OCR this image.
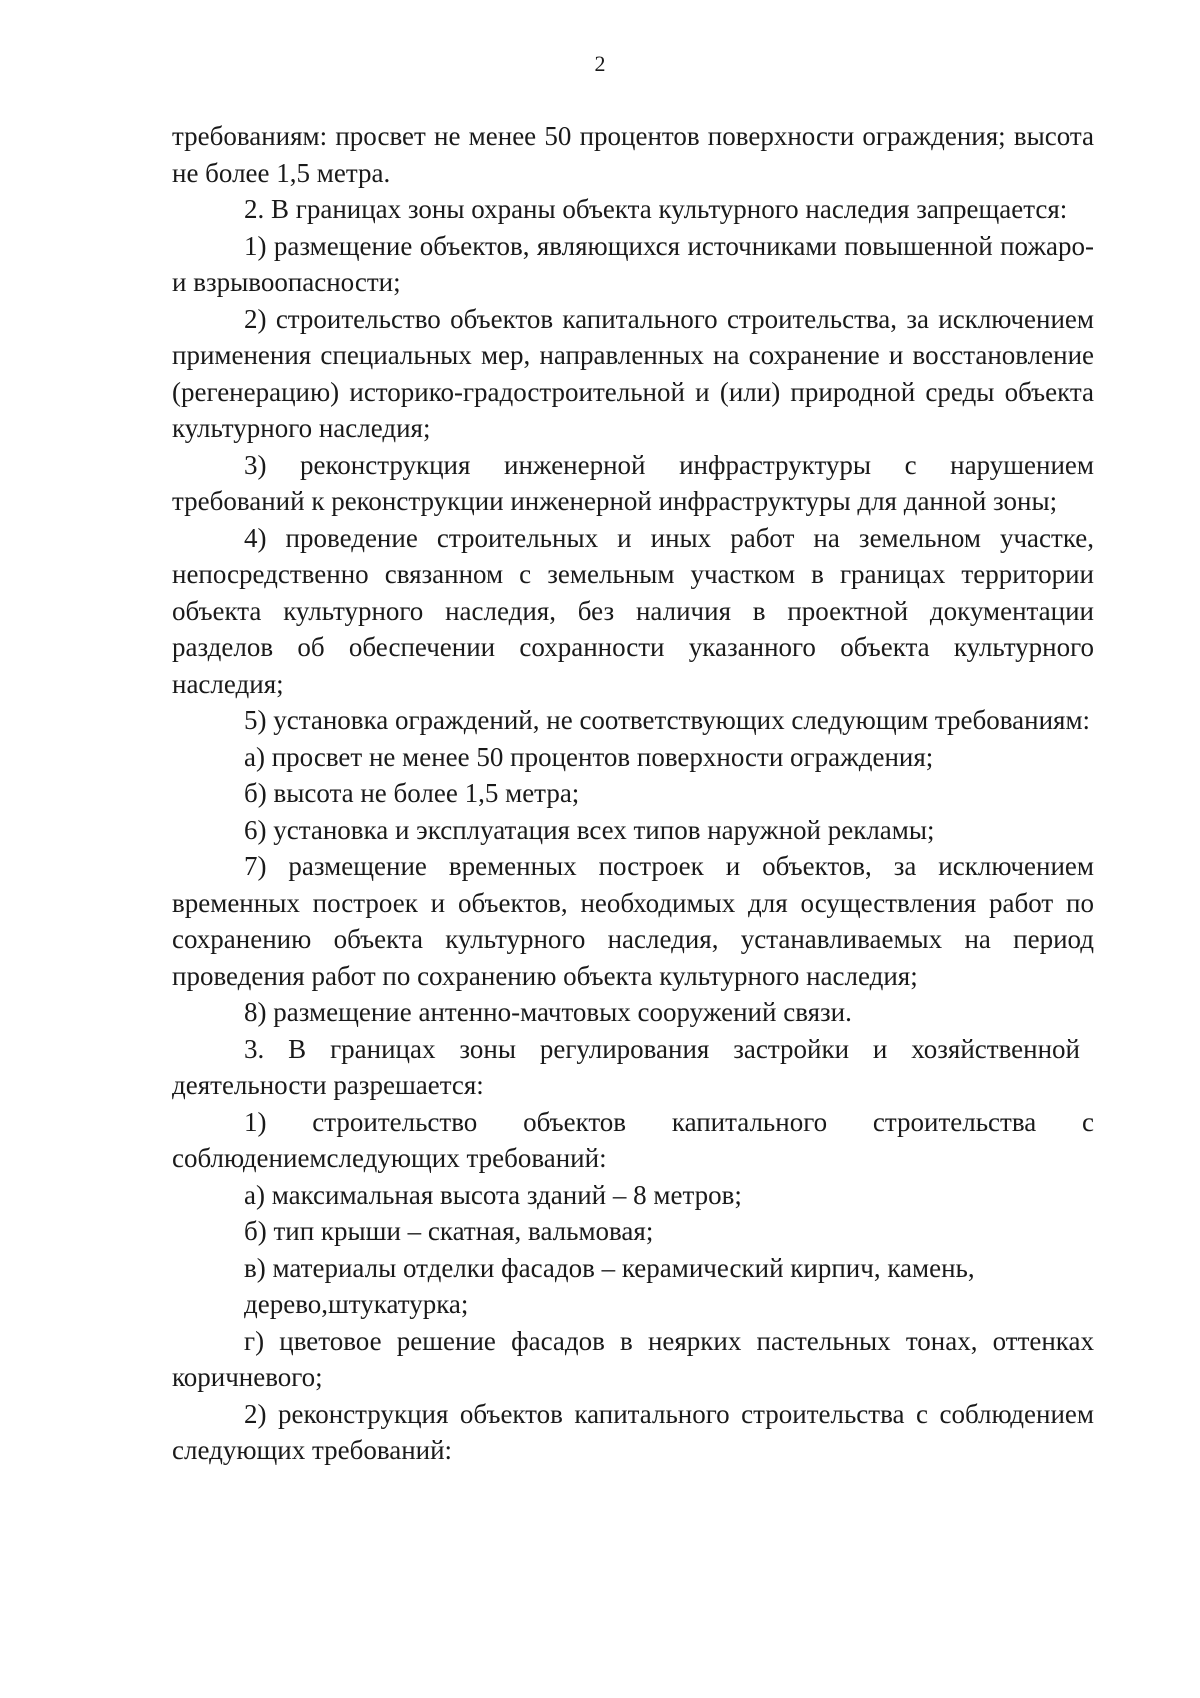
2

требованиям: просвет не менее 50 процентов поверхности ограждения; высота не более 1,5 метра.

2. В границах зоны охраны объекта культурного наследия запрещается:

1) размещение объектов, являющихся источниками повышенной пожаро-и взрывоопасности;

2) строительство объектов капитального строительства, за исключением применения специальных мер, направленных на сохранение и восстановление (регенерацию) историко-градостроительной и (или) природной среды объекта культурного наследия;

3) реконструкция инженерной инфраструктуры с нарушением требований к реконструкции инженерной инфраструктуры для данной зоны;

4) проведение строительных и иных работ на земельном участке, непосредственно связанном с земельным участком в границах территории объекта культурного наследия, без наличия в проектной документации разделов об обеспечении сохранности указанного объекта культурного наследия;

5) установка ограждений, не соответствующих следующим требованиям:

а) просвет не менее 50 процентов поверхности ограждения;

б) высота не более 1,5 метра;

6) установка и эксплуатация всех типов наружной рекламы;

7) размещение временных построек и объектов, за исключением временных построек и объектов, необходимых для осуществления работ по сохранению объекта культурного наследия, устанавливаемых на период проведения работ по сохранению объекта культурного наследия;

8) размещение антенно-мачтовых сооружений связи.

3. В границах зоны регулирования застройки и хозяйственной деятельности разрешается:

1) строительство объектов капитального строительства с соблюдениемследующих требований:

а) максимальная высота зданий – 8 метров;

б) тип крыши – скатная, вальмовая;

в) материалы отделки фасадов – керамический кирпич, камень, дерево,штукатурка;

г) цветовое решение фасадов в неярких пастельных тонах, оттенках коричневого;

2) реконструкция объектов капитального строительства с соблюдением следующих требований:
